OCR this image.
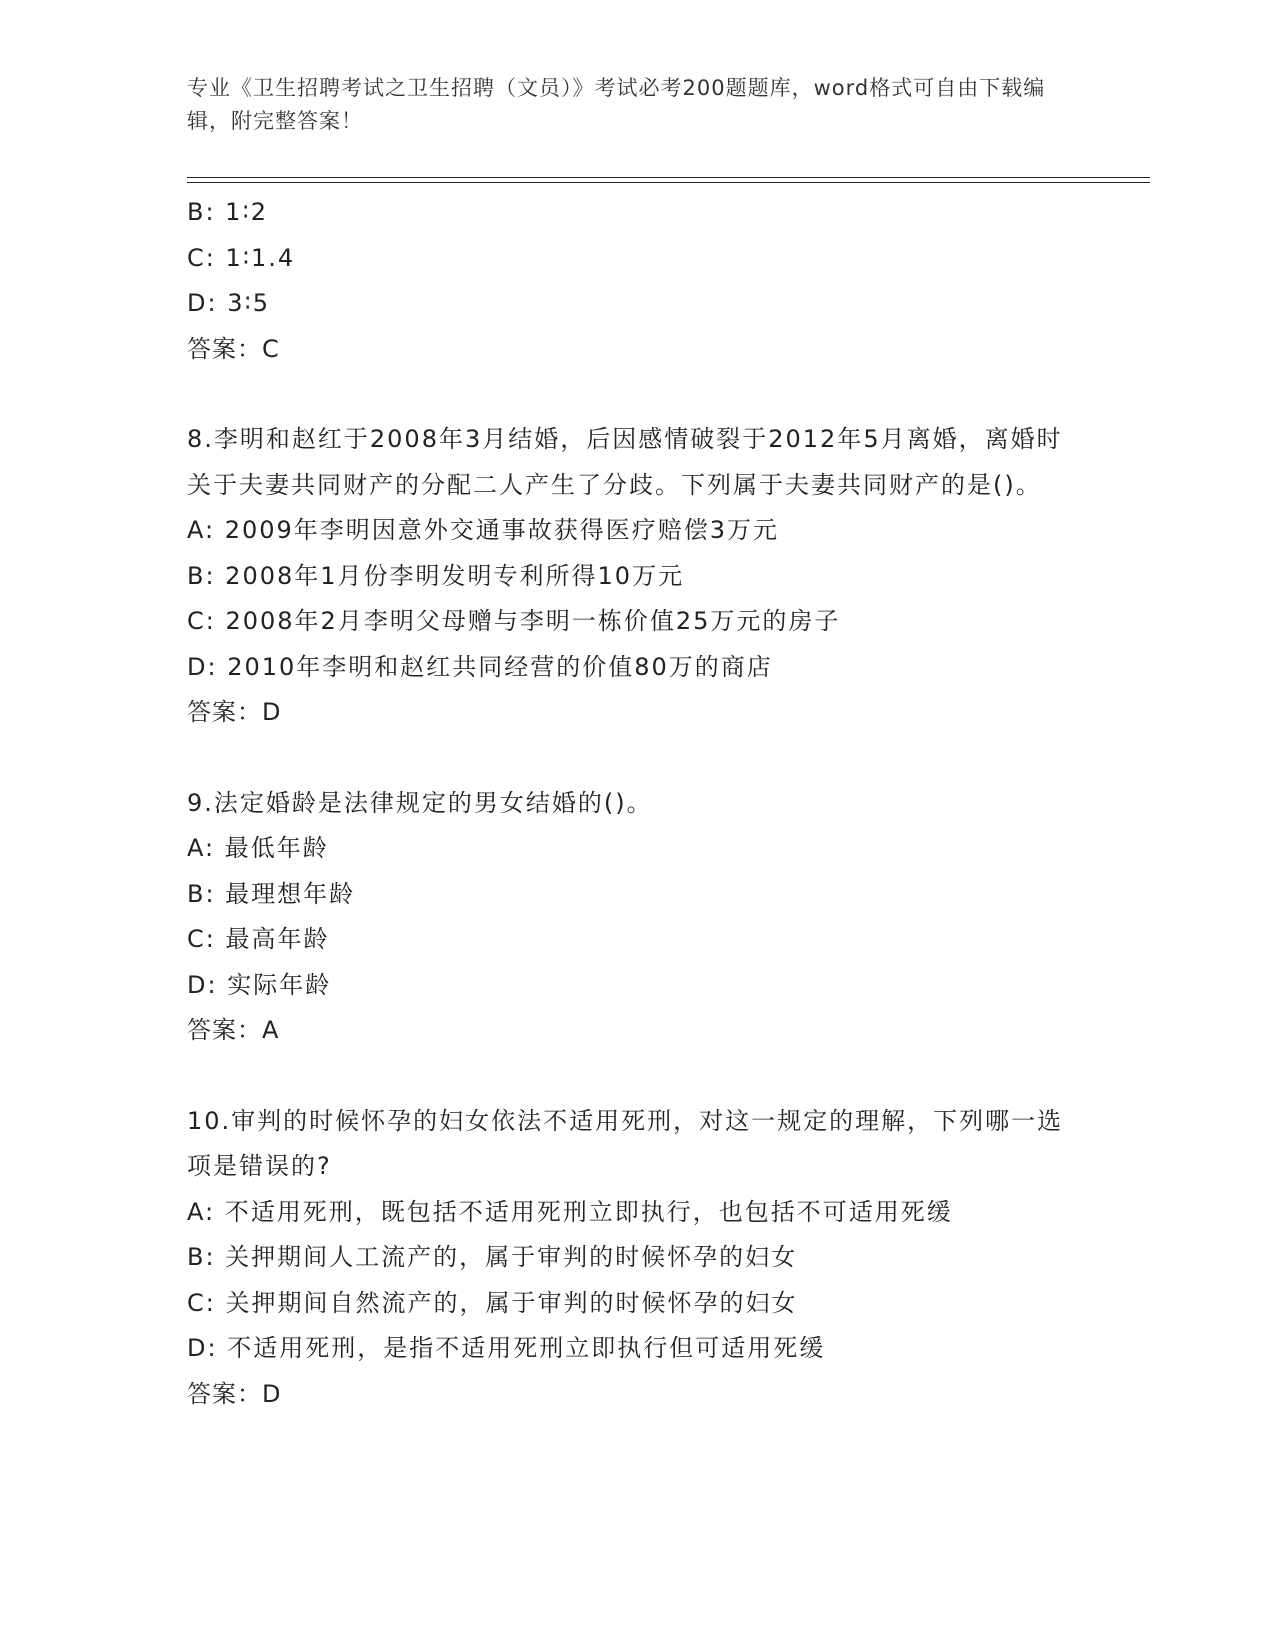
专业《卫生招聘考试之卫生招聘（文员）》考试必考200题题库，word格式可自由下载编辑，附完整答案！
B: 1∶2
C: 1∶1.4
D: 3∶5
答案：C
8.李明和赵红于2008年3月结婚，后因感情破裂于2012年5月离婚，离婚时关于夫妻共同财产的分配二人产生了分歧。下列属于夫妻共同财产的是()。
A: 2009年李明因意外交通事故获得医疗赔偿3万元
B: 2008年1月份李明发明专利所得10万元
C: 2008年2月李明父母赠与李明一栋价值25万元的房子
D: 2010年李明和赵红共同经营的价值80万的商店
答案：D
9.法定婚龄是法律规定的男女结婚的()。
A: 最低年龄
B: 最理想年龄
C: 最高年龄
D: 实际年龄
答案：A
10.审判的时候怀孕的妇女依法不适用死刑，对这一规定的理解，下列哪一选项是错误的?
A: 不适用死刑，既包括不适用死刑立即执行，也包括不可适用死缓
B: 关押期间人工流产的，属于审判的时候怀孕的妇女
C: 关押期间自然流产的，属于审判的时候怀孕的妇女
D: 不适用死刑，是指不适用死刑立即执行但可适用死缓
答案：D
